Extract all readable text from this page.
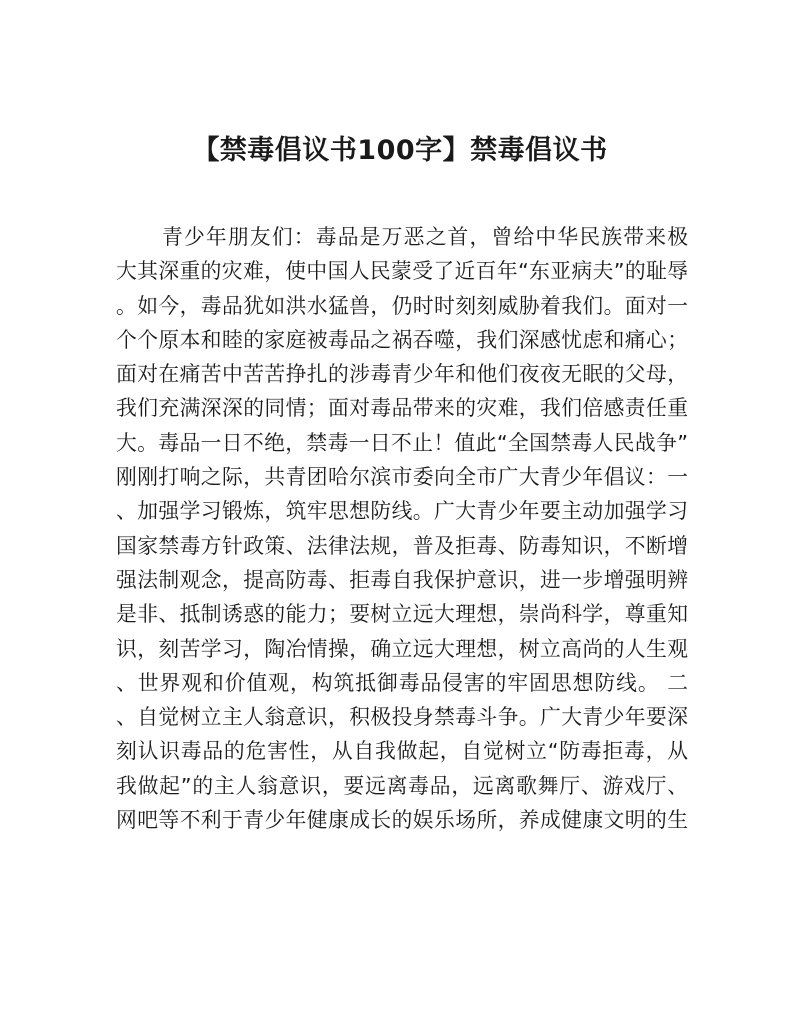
【禁毒倡议书100字】禁毒倡议书
青少年朋友们：毒品是万恶之首，曾给中华民族带来极
大其深重的灾难，使中国人民蒙受了近百年“东亚病夫”的耻辱
。如今，毒品犹如洪水猛兽，仍时时刻刻威胁着我们。面对一
个个原本和睦的家庭被毒品之祸吞噬，我们深感忧虑和痛心；
面对在痛苦中苦苦挣扎的涉毒青少年和他们夜夜无眠的父母，
我们充满深深的同情；面对毒品带来的灾难，我们倍感责任重
大。毒品一日不绝，禁毒一日不止！值此“全国禁毒人民战争”
刚刚打响之际，共青团哈尔滨市委向全市广大青少年倡议：一
、加强学习锻炼，筑牢思想防线。广大青少年要主动加强学习
国家禁毒方针政策、法律法规，普及拒毒、防毒知识，不断增
强法制观念，提高防毒、拒毒自我保护意识，进一步增强明辨
是非、抵制诱惑的能力；要树立远大理想，崇尚科学，尊重知
识，刻苦学习，陶冶情操，确立远大理想，树立高尚的人生观
、世界观和价值观，构筑抵御毒品侵害的牢固思想防线。 二
、自觉树立主人翁意识，积极投身禁毒斗争。广大青少年要深
刻认识毒品的危害性，从自我做起，自觉树立“防毒拒毒，从
我做起”的主人翁意识，要远离毒品，远离歌舞厅、游戏厅、
网吧等不利于青少年健康成长的娱乐场所，养成健康文明的生
